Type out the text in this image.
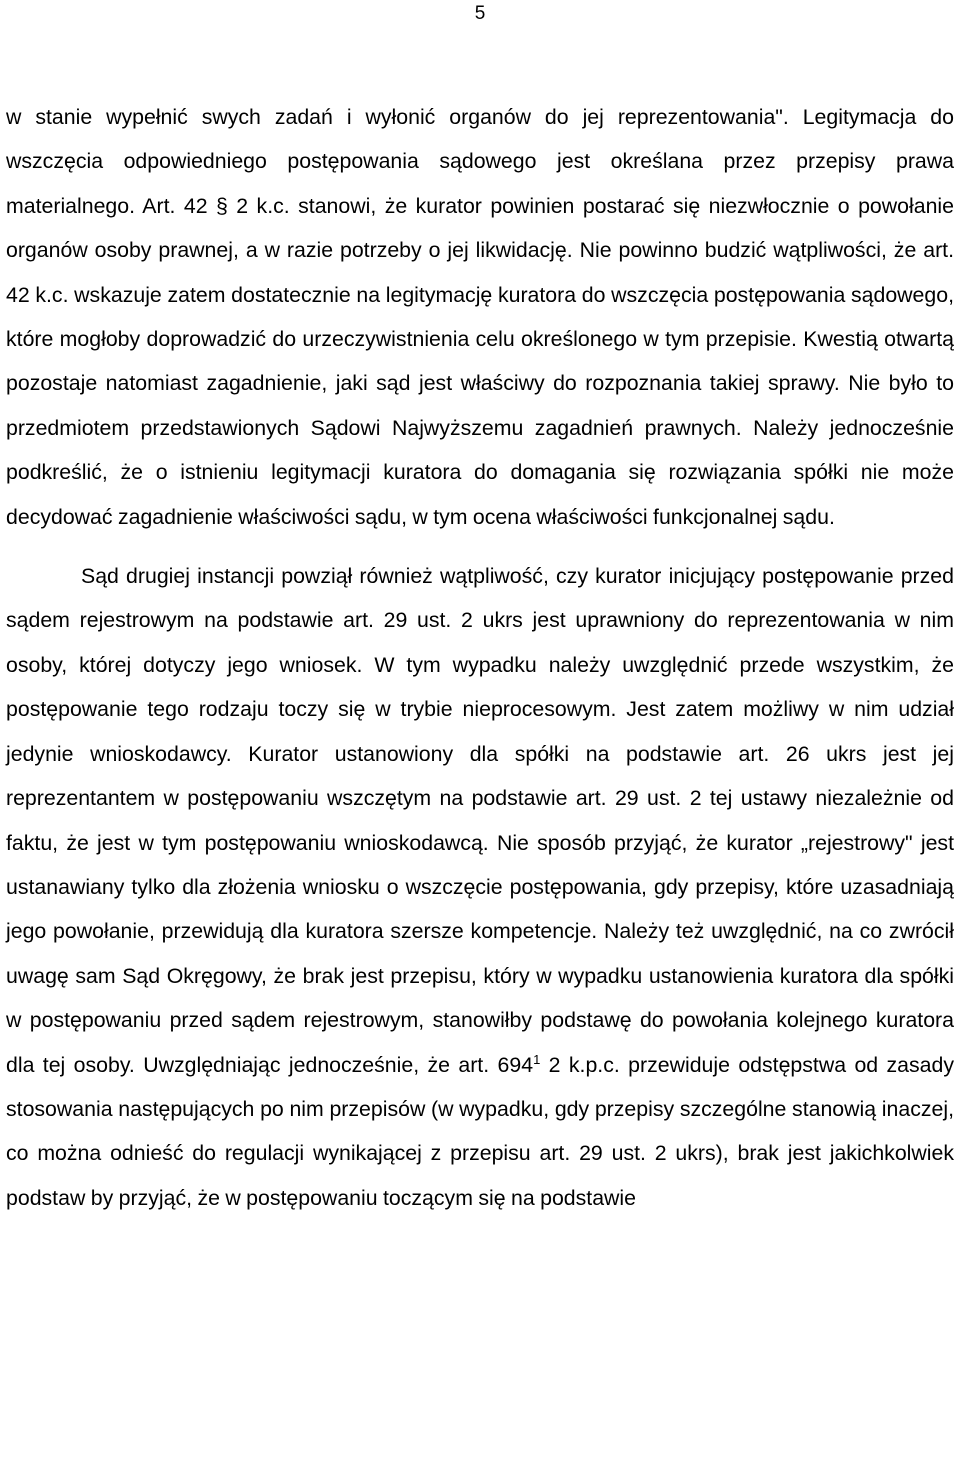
5

w stanie wypełnić swych zadań i wyłonić organów do jej reprezentowania". Legitymacja do wszczęcia odpowiedniego postępowania sądowego jest określana przez przepisy prawa materialnego. Art. 42 § 2 k.c. stanowi, że kurator powinien postarać się niezwłocznie o powołanie organów osoby prawnej, a w razie potrzeby o jej likwidację. Nie powinno budzić wątpliwości, że art. 42 k.c. wskazuje zatem dostatecznie na legitymację kuratora do wszczęcia postępowania sądowego, które mogłoby doprowadzić do urzeczywistnienia celu określonego w tym przepisie. Kwestią otwartą pozostaje natomiast zagadnienie, jaki sąd jest właściwy do rozpoznania takiej sprawy. Nie było to przedmiotem przedstawionych Sądowi Najwyższemu zagadnień prawnych. Należy jednocześnie podkreślić, że o istnieniu legitymacji kuratora do domagania się rozwiązania spółki nie może decydować zagadnienie właściwości sądu, w tym ocena właściwości funkcjonalnej sądu.

Sąd drugiej instancji powziął również wątpliwość, czy kurator inicjujący postępowanie przed sądem rejestrowym na podstawie art. 29 ust. 2 ukrs jest uprawniony do reprezentowania w nim osoby, której dotyczy jego wniosek. W tym wypadku należy uwzględnić przede wszystkim, że postępowanie tego rodzaju toczy się w trybie nieprocesowym. Jest zatem możliwy w nim udział jedynie wnioskodawcy. Kurator ustanowiony dla spółki na podstawie art. 26 ukrs jest jej reprezentantem w postępowaniu wszczętym na podstawie art. 29 ust. 2 tej ustawy niezależnie od faktu, że jest w tym postępowaniu wnioskodawcą. Nie sposób przyjąć, że kurator „rejestrowy" jest ustanawiany tylko dla złożenia wniosku o wszczęcie postępowania, gdy przepisy, które uzasadniają jego powołanie, przewidują dla kuratora szersze kompetencje. Należy też uwzględnić, na co zwrócił uwagę sam Sąd Okręgowy, że brak jest przepisu, który w wypadku ustanowienia kuratora dla spółki w postępowaniu przed sądem rejestrowym, stanowiłby podstawę do powołania kolejnego kuratora dla tej osoby. Uwzględniając jednocześnie, że art. $694^1$ 2 k.p.c. przewiduje odstępstwa od zasady stosowania następujących po nim przepisów (w wypadku, gdy przepisy szczególne stanowią inaczej, co można odnieść do regulacji wynikającej z przepisu art. 29 ust. 2 ukrs), brak jest jakichkolwiek podstaw by przyjąć, że w postępowaniu toczącym się na podstawie
